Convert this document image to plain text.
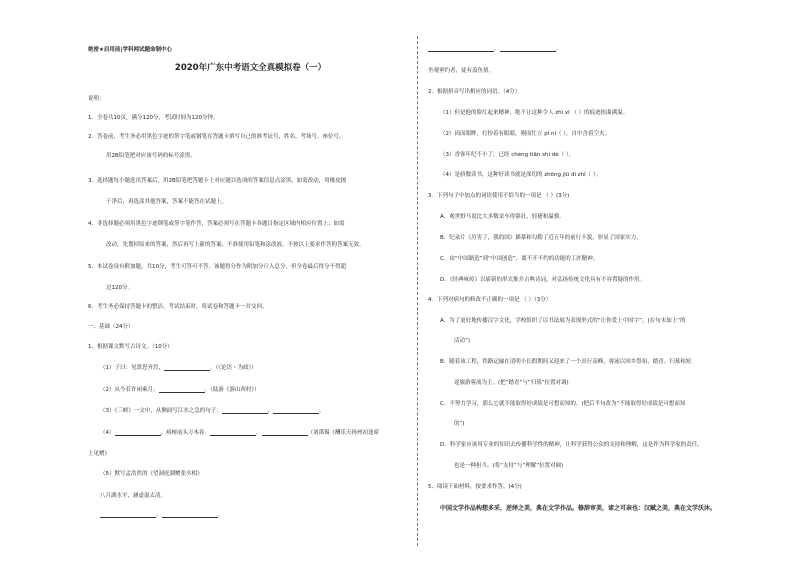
绝密★启用前|学科网试题命制中心
2020年广东中考语文全真模拟卷（一）
说明：
1．全卷共10页，满分120分，考试时间为120分钟。
2．答卷前，考生务必用黑色字迹的签字笔或钢笔在答题卡填写自己的准考证号、姓名、考场号、座位号，
用2B铅笔把对应该号码的标号涂黑。
3．选择题每小题选出答案后，用2B铅笔把答题卡上对应题目选项的答案信息点涂黑，如需改动，用橡皮擦
干净后，再选涂其他答案，答案不能答在试题上。
4．非选择题必须用黑色字迹钢笔或签字笔作答，答案必须写在答题卡各题目指定区域内相应位置上；如需
改动，先划掉原来的答案，然后再写上新的答案；不准使用铅笔和涂改液。不按以上要求作答的答案无效。
5．本试卷设有附加题，共10分，考生可答可不答。该题得分作为附加分计入总分，但全卷最后得分不得超
过120分。
6．考生务必保持答题卡的整洁。考试结束时，将试卷和答题卡一并交回。
一、基础（24分）
1．根据课文默写古诗文。（10分）
（1）子曰：见贤思齐焉，	。（《论语・为政》）
（2）从今若许闲乘月，	。（陆游《游山西村》）
（3）《三峡》一文中，从侧面写江水之急的句子：	，	。
（4）	，病树前头万木春。	，	（刘禹锡《酬乐天扬州初逢席
上见赠》
（5）默写孟浩然的《望洞庭湖赠张丞相》
八月湖水平，涵虚混太清。
，	。
，	。
坐观垂钓者，徒有羡鱼情。
2．根据拼音写出相应的词语。（4分）
（1）但是他的脸红起来精神，绝不让这种令人 zhì xī （ ）的痕迹扭曲满溢。
（2）因而眼眸，打扮着有眼睛，刚而忙立 pí ní（ ），自中含着空火。
（3）香客年纪不小了，已经 chéng tiān shì dé（ ）。
（4）是骄傲读书，这种好读书就是深切的 zhōng jiū dì zhǐ（ ）。
3．下列句子中加点的词语使用不恰当的一项是 （ ）(3分)
A．观世野马说比大多数采车得强壮，轻捷和温驯。
B．纪录片《厉害了，我的国》描摹和勾勒了近五年的前行丰貌，彰显了国家实力。
C．由“中国制造”到“中国创造”，离不开不约的功能的工匠精神。
D．《经典咏传》以崭新的形式推介古典诗词，对弘扬传统文化具有不容置疑的作用。
4．下列对病句的修改不正确的一项是 （ ）（3分）
A．为了更好地传播汉字文化，学校组织了以书法展为表现形式的“让你爱上中国字”。(在句末加上“的
活动”)
B．随着该工程，铁路运输在清明小长假期间又迎来了一个出行高峰，客流以回乡祭祖、踏青、扫墓和短
途旅游客流为主。(把“踏青”与“扫墓”位置对调)
C．不努力学习，那么它就不能取得好成绩是可想而知的。(把后半句改为“不能取得好成绩是可想而知
的”)
D．科学家应该用专业的知识去传播科学性的精神，让科学获得公众的支持和理解，这是作为科学家的责任，
也是一种担当。(将“支持”与“理解”位置对调)
5．阅读下面材料，按要求作答。(4分)
中国文学作品构想多采，逆绎之美，典在文学作品。修辞审美，谛之可亲也：汉赋之美，典在文学沃沐。
